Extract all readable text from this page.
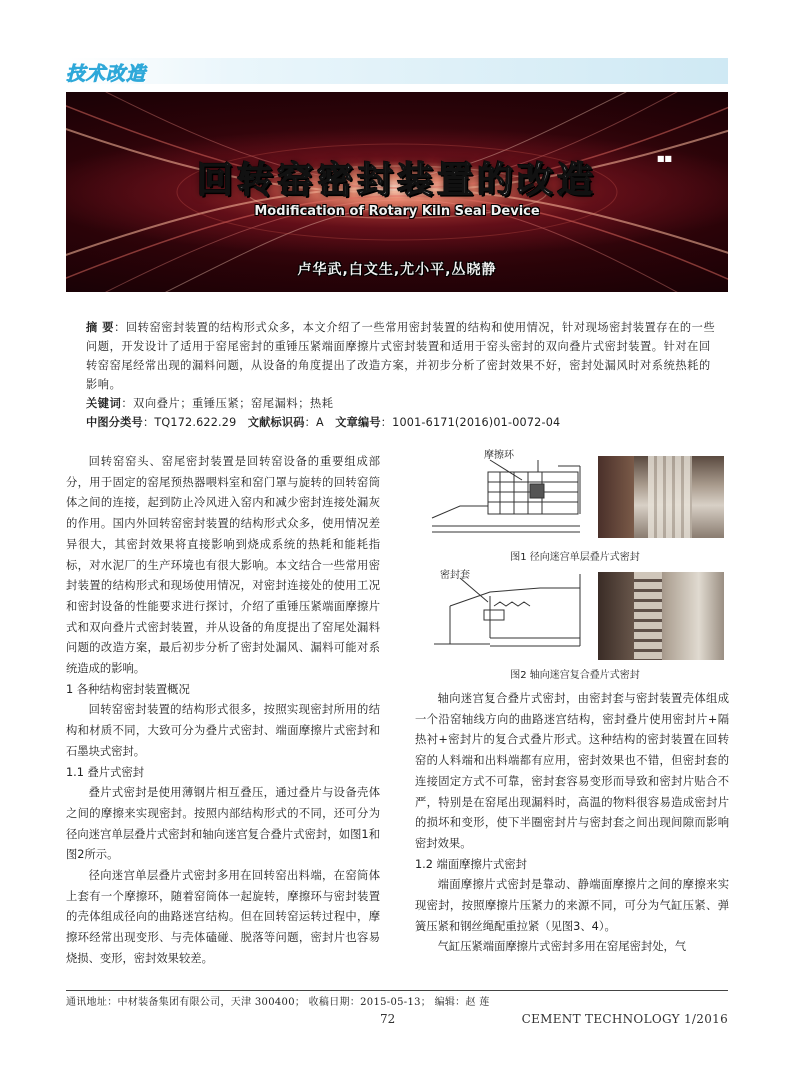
技术改造
■■
回转窑密封装置的改造
Modification of Rotary Kiln Seal Device
卢华武,白文生,尤小平,丛晓静

摘 要：回转窑密封装置的结构形式众多，本文介绍了一些常用密封装置的结构和使用情况，针对现场密封装置存在的一些问题，开发设计了适用于窑尾密封的重锤压紧端面摩擦片式密封装置和适用于窑头密封的双向叠片式密封装置。针对在回转窑窑尾经常出现的漏料问题，从设备的角度提出了改造方案，并初步分析了密封效果不好，密封处漏风时对系统热耗的影响。

关键词：双向叠片；重锤压紧；窑尾漏料；热耗

中图分类号：TQ172.622.29 文献标识码：A 文章编号：1001-6171(2016)01-0072-04

回转窑窑头、窑尾密封装置是回转窑设备的重要组成部分，用于固定的窑尾预热器喂料室和窑门罩与旋转的回转窑筒体之间的连接，起到防止冷风进入窑内和减少密封连接处漏灰的作用。国内外回转窑密封装置的结构形式众多，使用情况差异很大，其密封效果将直接影响到烧成系统的热耗和能耗指标，对水泥厂的生产环境也有很大影响。本文结合一些常用密封装置的结构形式和现场使用情况，对密封连接处的使用工况和密封设备的性能要求进行探讨，介绍了重锤压紧端面摩擦片式和双向叠片式密封装置，并从设备的角度提出了窑尾处漏料问题的改造方案，最后初步分析了密封处漏风、漏料可能对系统造成的影响。

1 各种结构密封装置概况

回转窑密封装置的结构形式很多，按照实现密封所用的结构和材质不同，大致可分为叠片式密封、端面摩擦片式密封和石墨块式密封。

1.1 叠片式密封

叠片式密封是使用薄钢片相互叠压，通过叠片与设备壳体之间的摩擦来实现密封。按照内部结构形式的不同，还可分为径向迷宫单层叠片式密封和轴向迷宫复合叠片式密封，如图1和图2所示。

径向迷宫单层叠片式密封多用在回转窑出料端，在窑筒体上套有一个摩擦环，随着窑筒体一起旋转，摩擦环与密封装置的壳体组成径向的曲路迷宫结构。但在回转窑运转过程中，摩擦环经常出现变形、与壳体磕碰、脱落等问题，密封片也容易烧损、变形，密封效果较差。

摩擦环
图1 径向迷宫单层叠片式密封
密封套
图2 轴向迷宫复合叠片式密封

轴向迷宫复合叠片式密封，由密封套与密封装置壳体组成一个沿窑轴线方向的曲路迷宫结构，密封叠片使用密封片+隔热衬+密封片的复合式叠片形式。这种结构的密封装置在回转窑的人料端和出料端都有应用，密封效果也不错，但密封套的连接固定方式不可靠，密封套容易变形而导致和密封片贴合不严，特别是在窑尾出现漏料时，高温的物料很容易造成密封片的损坏和变形，使下半圈密封片与密封套之间出现间隙而影响密封效果。

1.2 端面摩擦片式密封

端面摩擦片式密封是靠动、静端面摩擦片之间的摩擦来实现密封，按照摩擦片压紧力的来源不同，可分为气缸压紧、弹簧压紧和钢丝绳配重拉紧（见图3、4）。

气缸压紧端面摩擦片式密封多用在窑尾密封处，气

通讯地址：中材装备集团有限公司，天津 300400； 收稿日期：2015-05-13； 编辑：赵 莲
72	CEMENT TECHNOLOGY 1/2016
